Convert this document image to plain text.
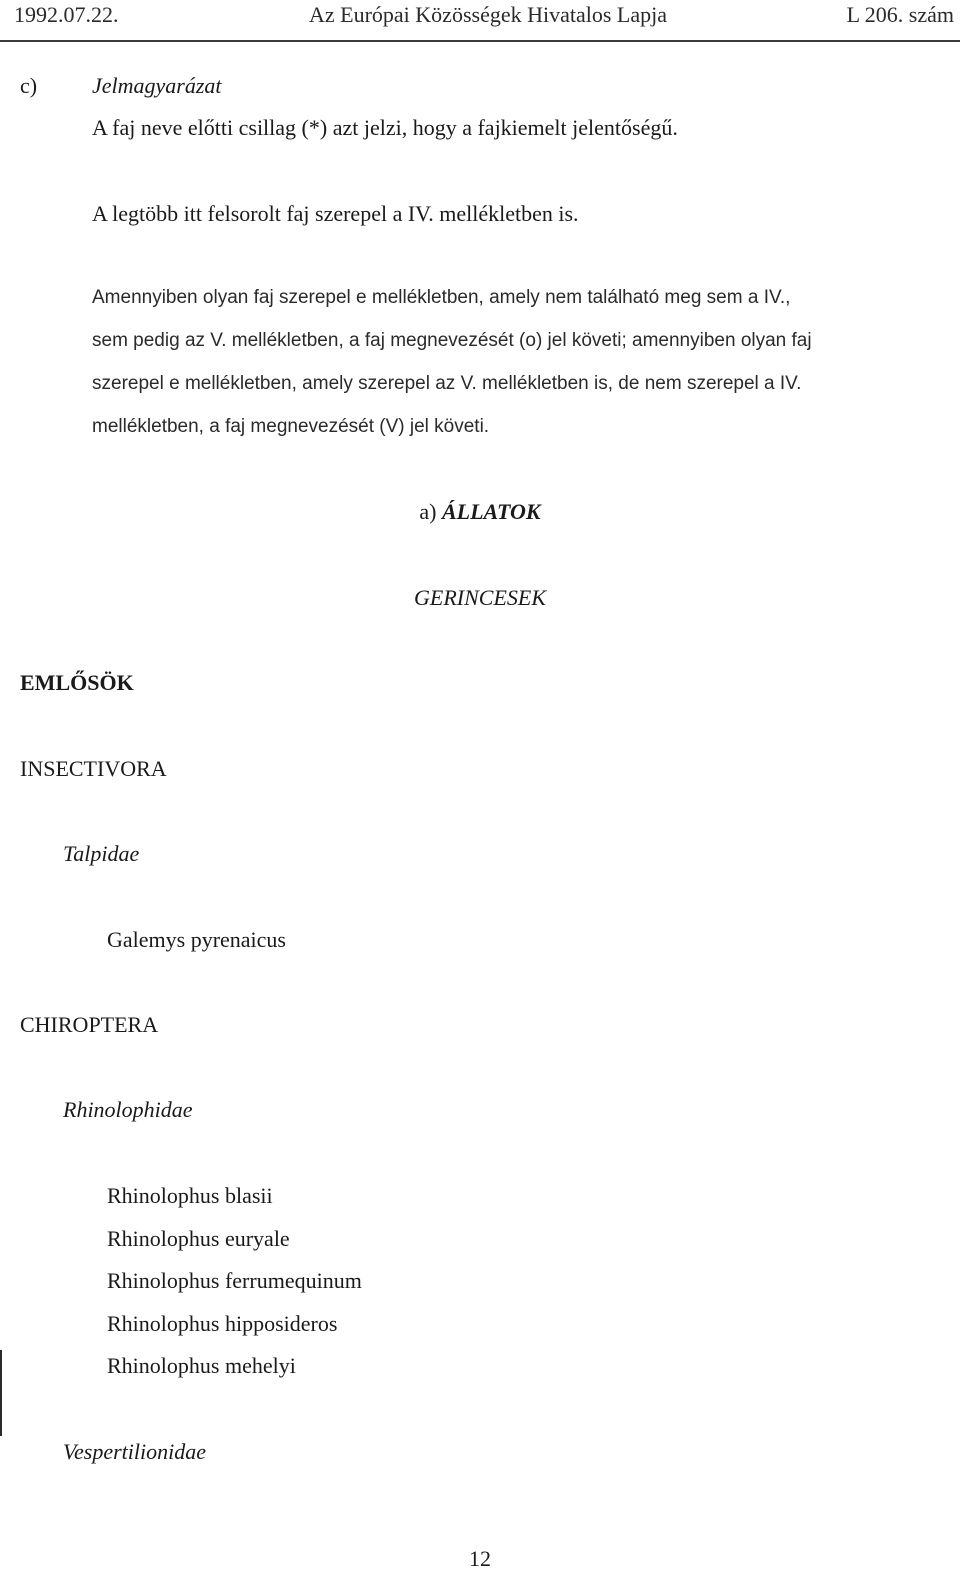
1992.07.22.	Az Európai Közösségek Hivatalos Lapja	L 206. szám
c) Jelmagyarázat
A faj neve előtti csillag (*) azt jelzi, hogy a fajkiemelt jelentőségű.
A legtöbb itt felsorolt faj szerepel a IV. mellékletben is.
Amennyiben olyan faj szerepel e mellékletben, amely nem található meg sem a IV.,
sem pedig az V. mellékletben, a faj megnevezését (o) jel követi; amennyiben olyan faj
szerepel e mellékletben, amely szerepel az V. mellékletben is, de nem szerepel a IV.
mellékletben, a faj megnevezését (V) jel követi.
a) ÁLLATOK
GERINCESEK
EMLŐSÖK
INSECTIVORA
Talpidae
Galemys pyrenaicus
CHIROPTERA
Rhinolophidae
Rhinolophus blasii
Rhinolophus euryale
Rhinolophus ferrumequinum
Rhinolophus hipposideros
Rhinolophus mehelyi
Vespertilionidae
12
